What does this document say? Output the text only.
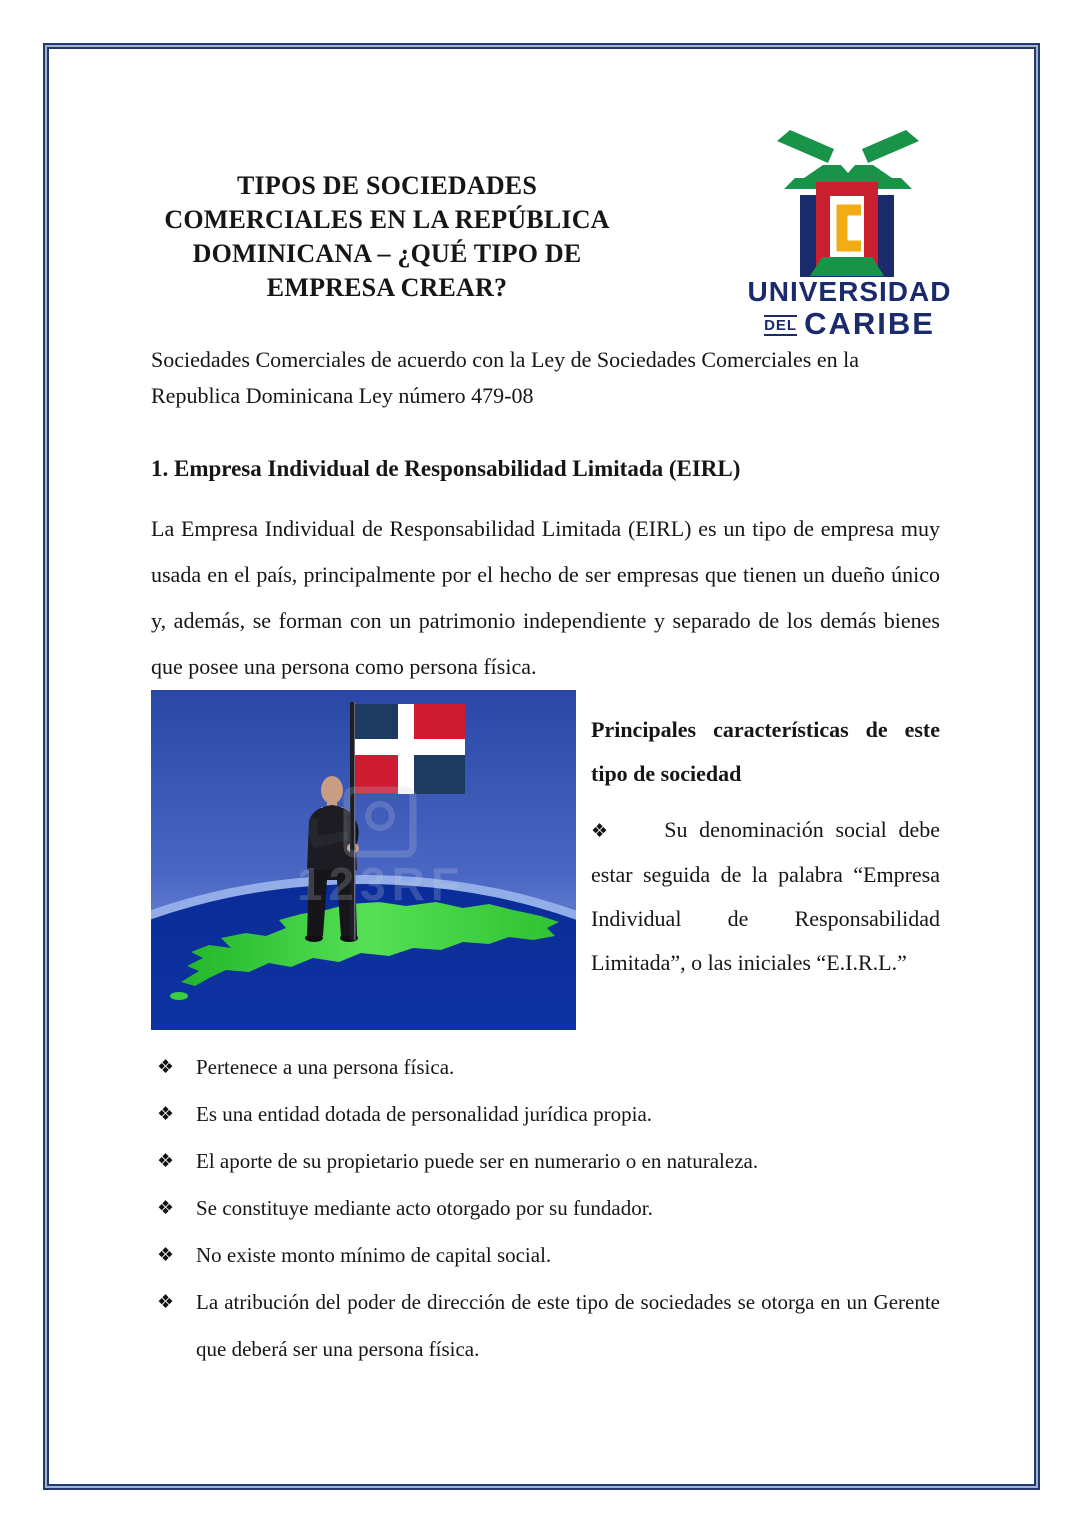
TIPOS DE SOCIEDADES
COMERCIALES EN LA REPÚBLICA
DOMINICANA – ¿QUÉ TIPO DE
EMPRESA CREAR?	UNIVERSIDAD
DEL CARIBE

Sociedades Comerciales de acuerdo con la Ley de Sociedades Comerciales en la Republica Dominicana Ley número 479-08

1. Empresa Individual de Responsabilidad Limitada (EIRL)

La Empresa Individual de Responsabilidad Limitada (EIRL) es un tipo de empresa muy usada en el país, principalmente por el hecho de ser empresas que tienen un dueño único y, además, se forman con un patrimonio independiente y separado de los demás bienes que posee una persona como persona física.

123RF
Principales características de este tipo de sociedad

❖ Su denominación social debe estar seguida de la palabra “Empresa Individual de Responsabilidad Limitada”, o las iniciales “E.I.R.L.”

❖ Pertenece a una persona física.
❖ Es una entidad dotada de personalidad jurídica propia.
❖ El aporte de su propietario puede ser en numerario o en naturaleza.
❖ Se constituye mediante acto otorgado por su fundador.
❖ No existe monto mínimo de capital social.
❖ La atribución del poder de dirección de este tipo de sociedades se otorga en un Gerente que deberá ser una persona física.
